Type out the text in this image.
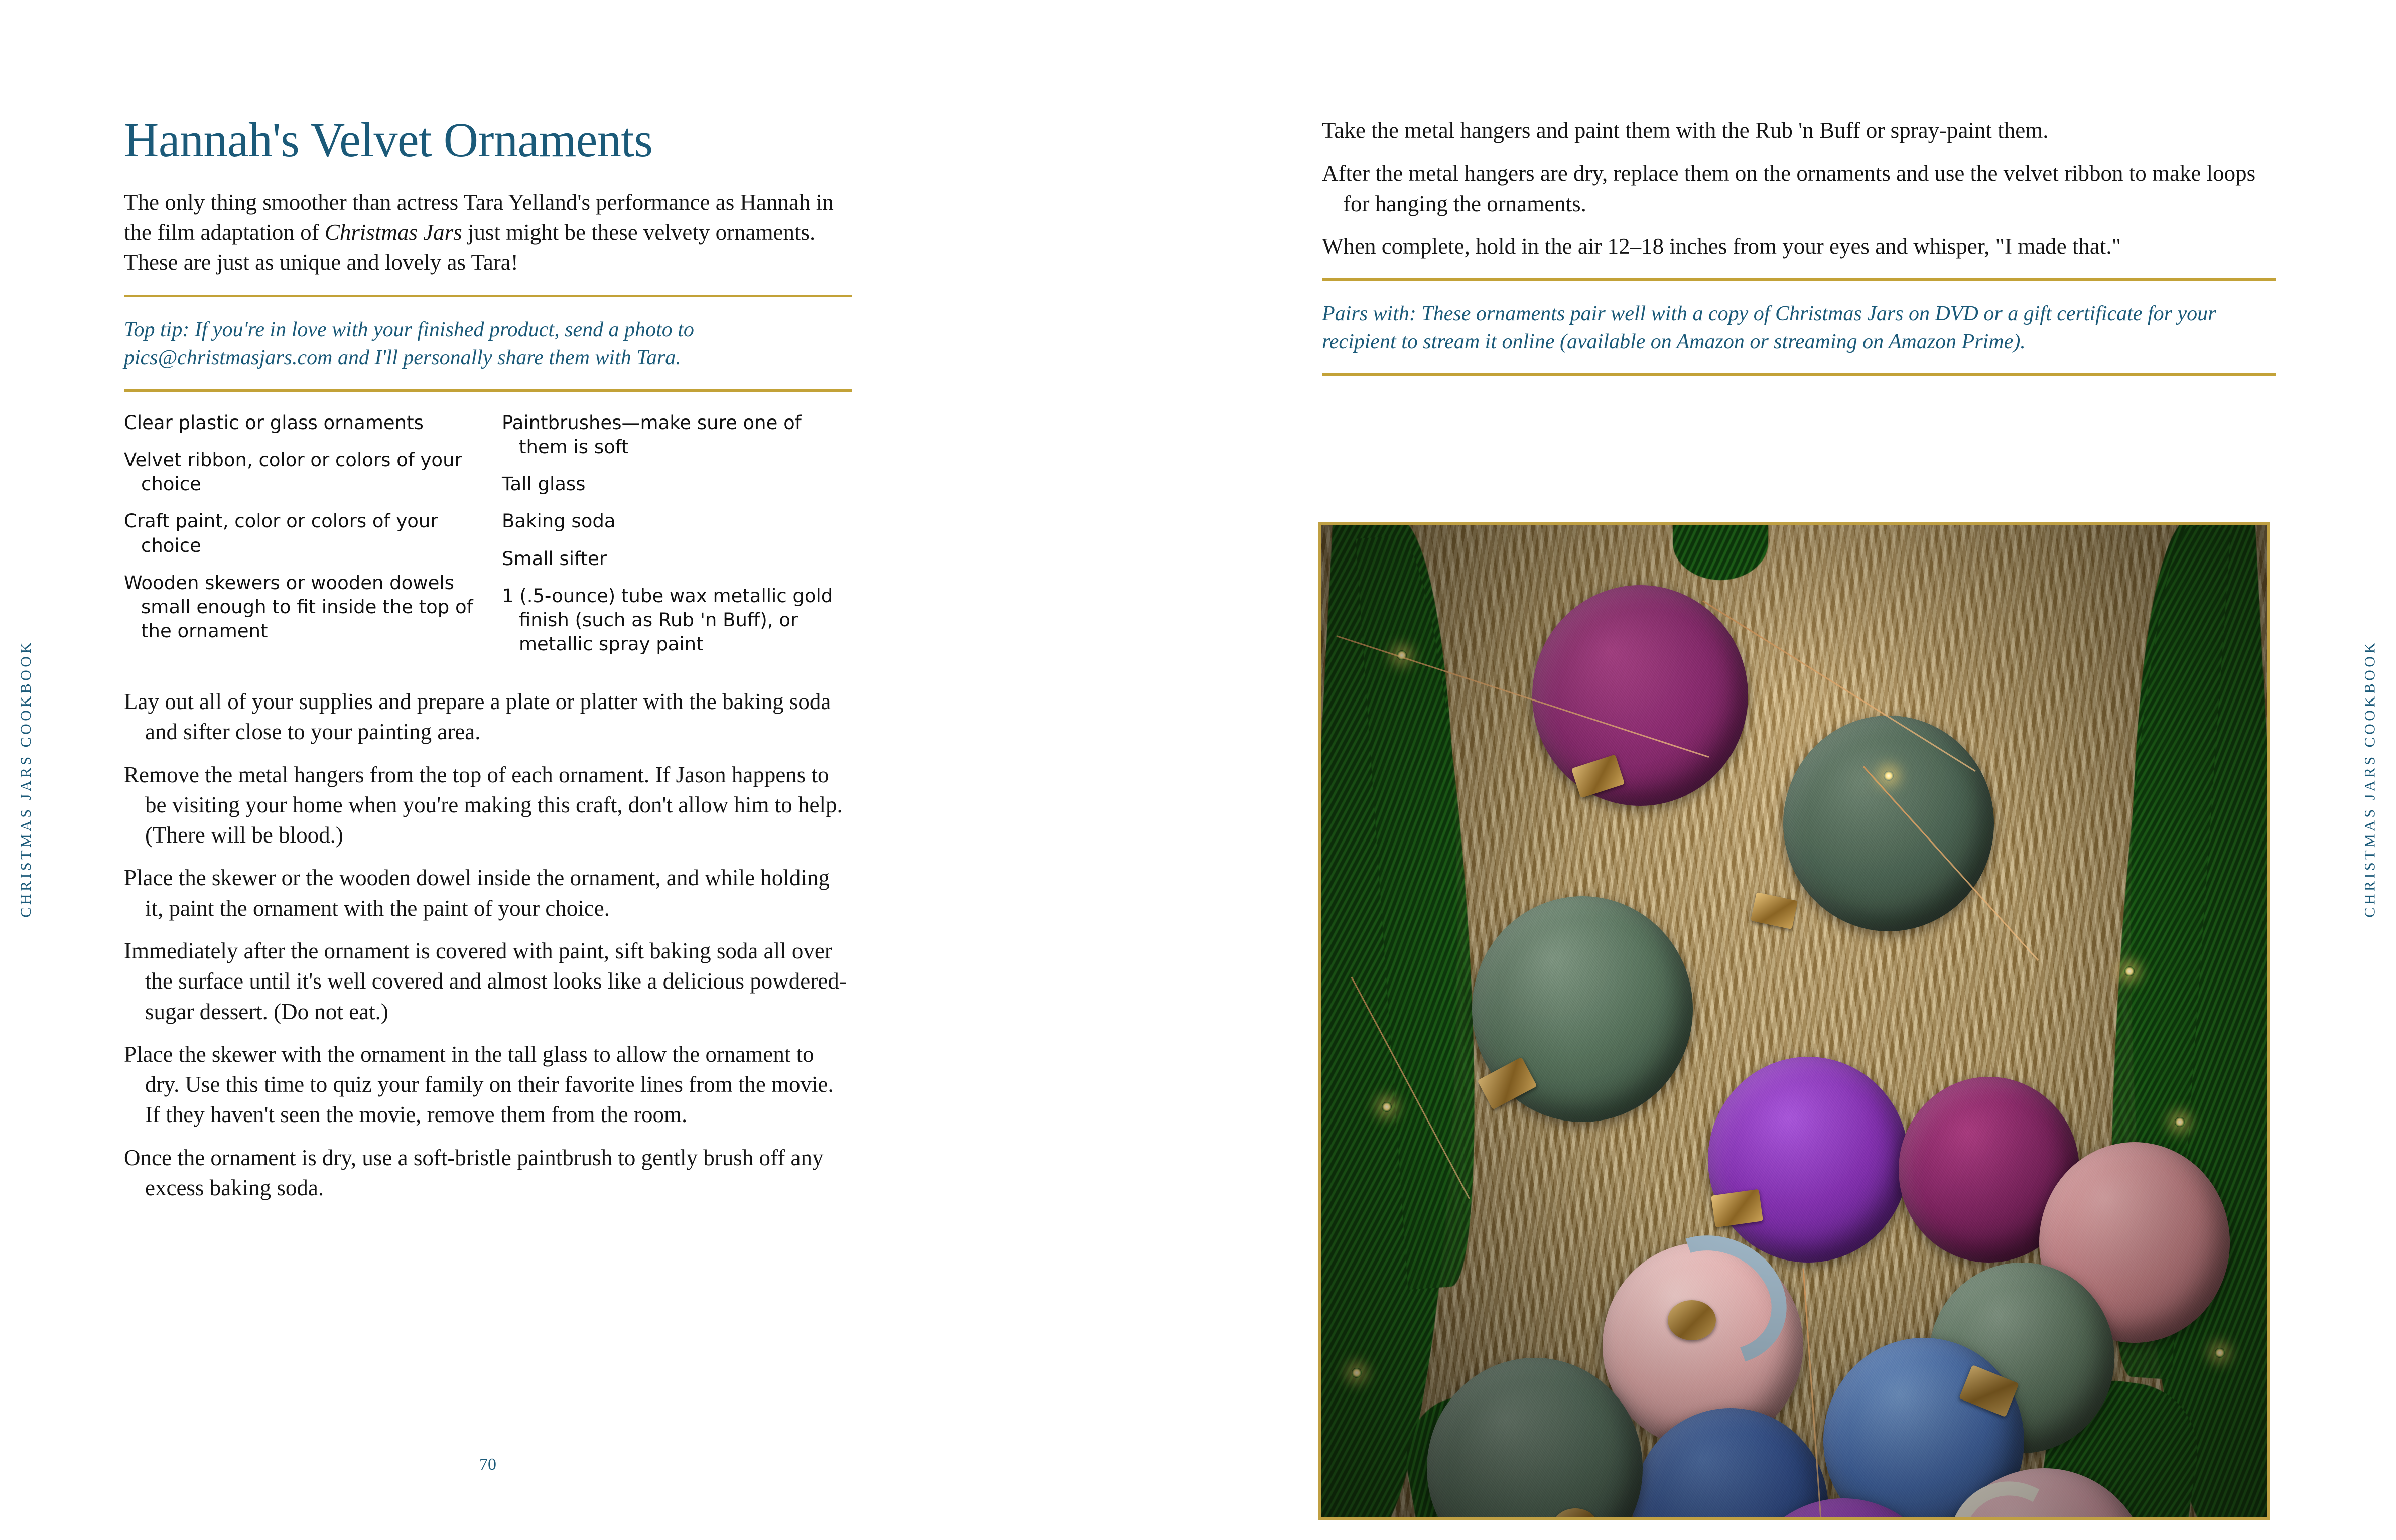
CHRISTMAS JARS COOKBOOK
Hannah's Velvet Ornaments

The only thing smoother than actress Tara Yelland's performance as Hannah in the film adaptation of Christmas Jars just might be these velvety ornaments. These are just as unique and lovely as Tara!

Top tip: If you're in love with your finished product, send a photo to pics@christmasjars.com and I'll personally share them with Tara.

Clear plastic or glass ornaments

Velvet ribbon, color or colors of your choice

Craft paint, color or colors of your choice

Wooden skewers or wooden dowels small enough to fit inside the top of the ornament

Paintbrushes—make sure one of them is soft

Tall glass

Baking soda

Small sifter

1 (.5-ounce) tube wax metallic gold finish (such as Rub 'n Buff), or metallic spray paint

Lay out all of your supplies and prepare a plate or platter with the baking soda and sifter close to your painting area.

Remove the metal hangers from the top of each ornament. If Jason happens to be visiting your home when you're making this craft, don't allow him to help. (There will be blood.)

Place the skewer or the wooden dowel inside the ornament, and while holding it, paint the ornament with the paint of your choice.

Immediately after the ornament is covered with paint, sift baking soda all over the surface until it's well covered and almost looks like a delicious powdered-sugar dessert. (Do not eat.)

Place the skewer with the ornament in the tall glass to allow the ornament to dry. Use this time to quiz your family on their favorite lines from the movie. If they haven't seen the movie, remove them from the room.

Once the ornament is dry, use a soft-bristle paintbrush to gently brush off any excess baking soda.

70
CHRISTMAS JARS COOKBOOK

Take the metal hangers and paint them with the Rub 'n Buff or spray-paint them.

After the metal hangers are dry, replace them on the ornaments and use the velvet ribbon to make loops for hanging the ornaments.

When complete, hold in the air 12–18 inches from your eyes and whisper, "I made that."

Pairs with: These ornaments pair well with a copy of Christmas Jars on DVD or a gift certificate for your recipient to stream it online (available on Amazon or streaming on Amazon Prime).
